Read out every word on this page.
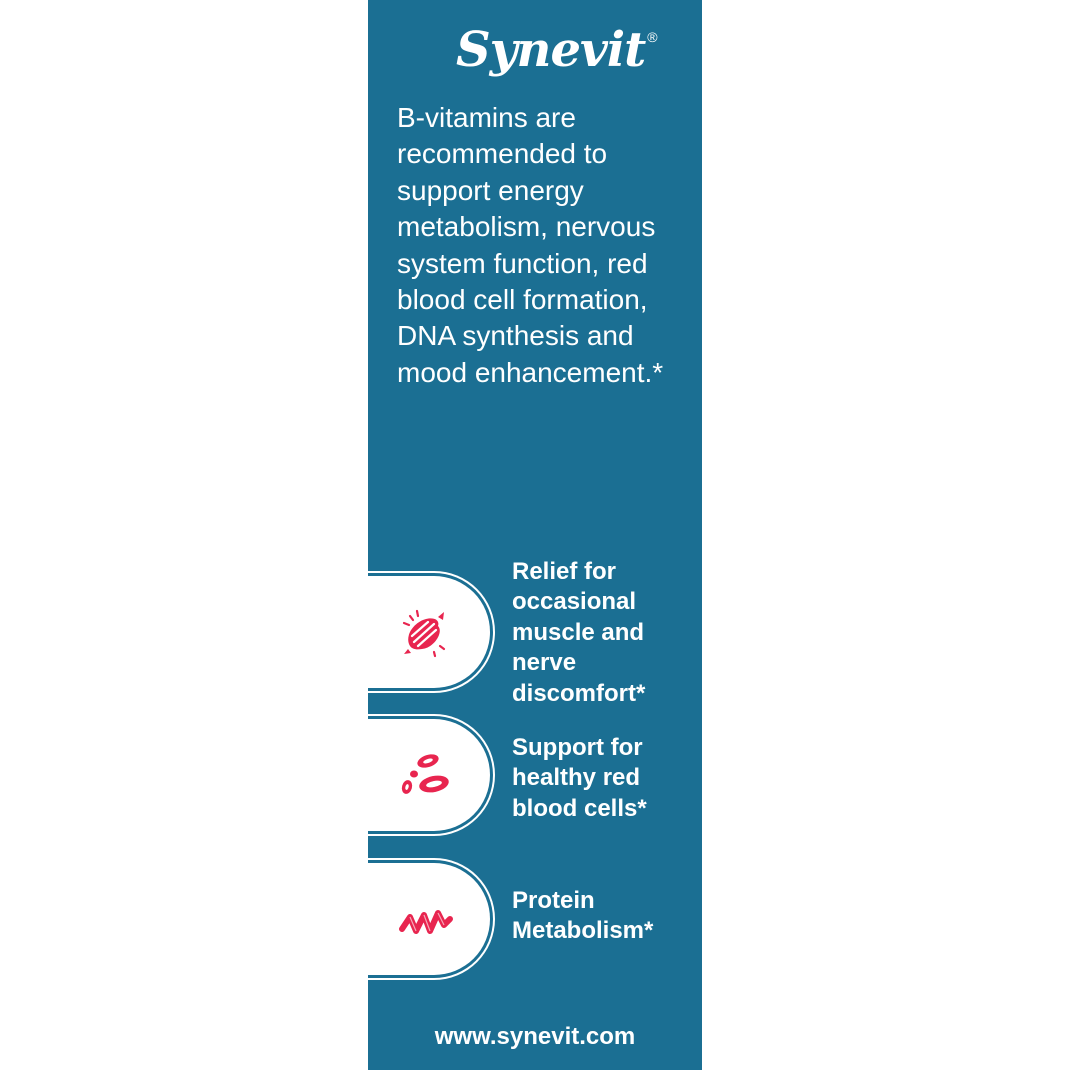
Synevit ®

B-vitamins are recommended to support energy metabolism, nervous system function, red blood cell formation, DNA synthesis and mood enhancement.*

Relief for
occasional
muscle and
nerve
discomfort*
Support for
healthy red
blood cells*
Protein
Metabolism*
www.synevit.com
